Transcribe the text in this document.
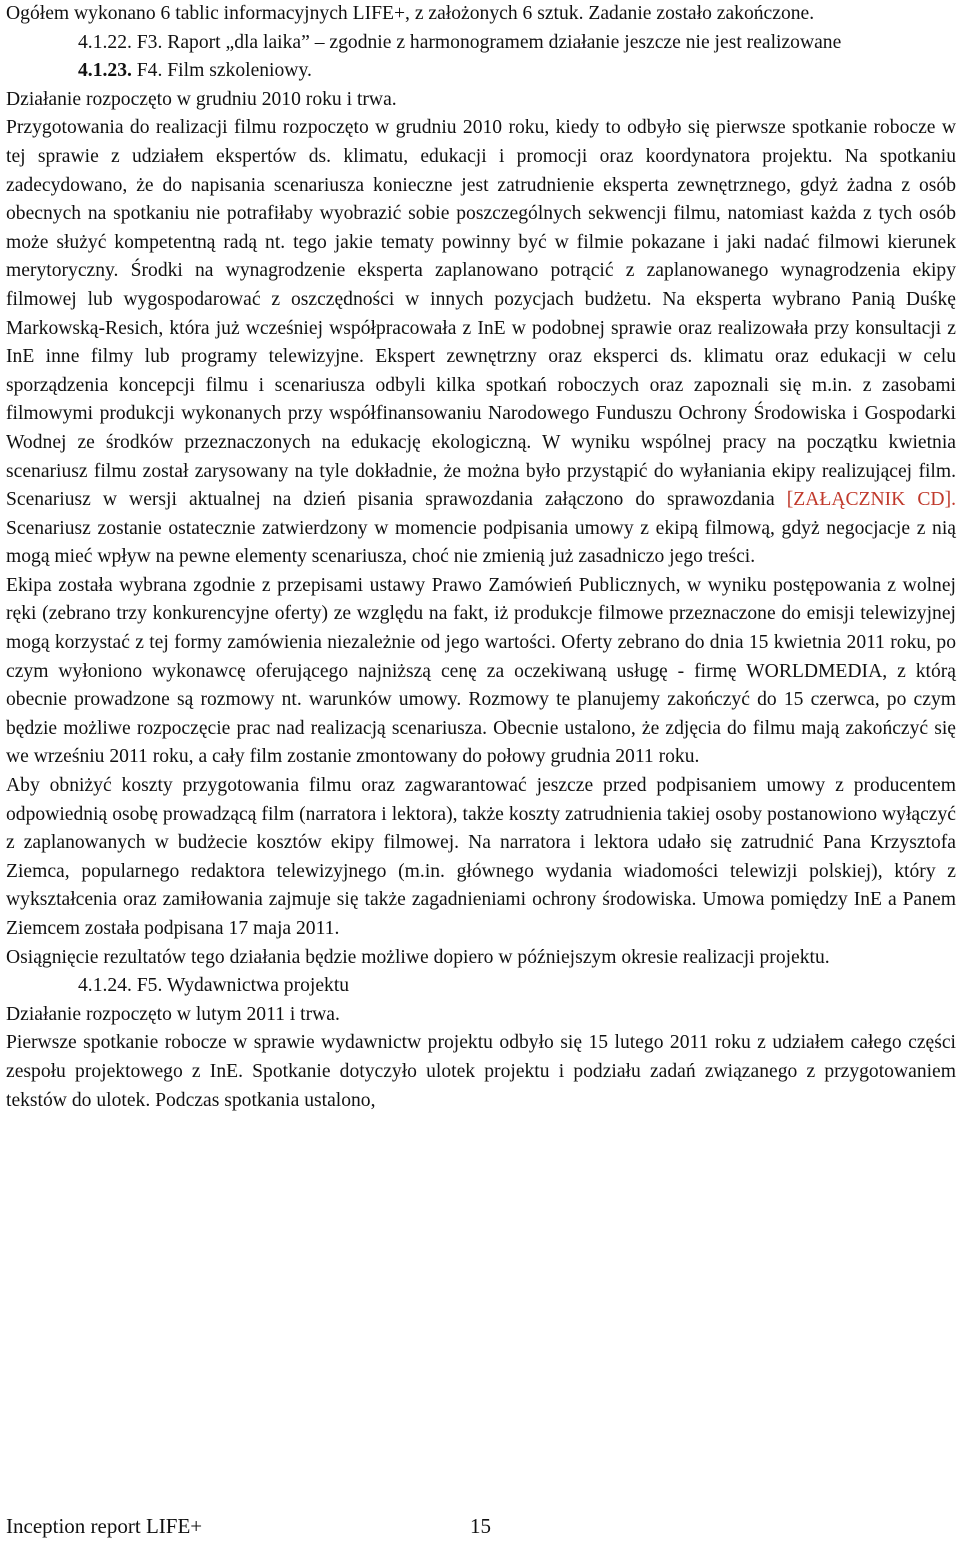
Ogółem wykonano 6 tablic informacyjnych LIFE+, z założonych 6 sztuk. Zadanie zostało zakończone.

4.1.22. F3. Raport „dla laika” – zgodnie z harmonogramem działanie jeszcze nie jest realizowane

4.1.23. F4. Film szkoleniowy.

Działanie rozpoczęto w grudniu 2010 roku i trwa.

Przygotowania do realizacji filmu rozpoczęto w grudniu 2010 roku, kiedy to odbyło się pierwsze spotkanie robocze w tej sprawie z udziałem ekspertów ds. klimatu, edukacji i promocji oraz koordynatora projektu. Na spotkaniu zadecydowano, że do napisania scenariusza konieczne jest zatrudnienie eksperta zewnętrznego, gdyż żadna z osób obecnych na spotkaniu nie potrafiłaby wyobrazić sobie poszczególnych sekwencji filmu, natomiast każda z tych osób może służyć kompetentną radą nt. tego jakie tematy powinny być w filmie pokazane i jaki nadać filmowi kierunek merytoryczny. Środki na wynagrodzenie eksperta zaplanowano potrącić z zaplanowanego wynagrodzenia ekipy filmowej lub wygospodarować z oszczędności w innych pozycjach budżetu. Na eksperta wybrano Panią Duśkę Markowską-Resich, która już wcześniej współpracowała z InE w podobnej sprawie oraz realizowała przy konsultacji z InE inne filmy lub programy telewizyjne. Ekspert zewnętrzny oraz eksperci ds. klimatu oraz edukacji w celu sporządzenia koncepcji filmu i scenariusza odbyli kilka spotkań roboczych oraz zapoznali się m.in. z zasobami filmowymi produkcji wykonanych przy współfinansowaniu Narodowego Funduszu Ochrony Środowiska i Gospodarki Wodnej ze środków przeznaczonych na edukację ekologiczną. W wyniku wspólnej pracy na początku kwietnia scenariusz filmu został zarysowany na tyle dokładnie, że można było przystąpić do wyłaniania ekipy realizującej film. Scenariusz w wersji aktualnej na dzień pisania sprawozdania załączono do sprawozdania [ZAŁĄCZNIK CD]. Scenariusz zostanie ostatecznie zatwierdzony w momencie podpisania umowy z ekipą filmową, gdyż negocjacje z nią mogą mieć wpływ na pewne elementy scenariusza, choć nie zmienią już zasadniczo jego treści.

Ekipa została wybrana zgodnie z przepisami ustawy Prawo Zamówień Publicznych, w wyniku postępowania z wolnej ręki (zebrano trzy konkurencyjne oferty) ze względu na fakt, iż produkcje filmowe przeznaczone do emisji telewizyjnej mogą korzystać z tej formy zamówienia niezależnie od jego wartości. Oferty zebrano do dnia 15 kwietnia 2011 roku, po czym wyłoniono wykonawcę oferującego najniższą cenę za oczekiwaną usługę - firmę WORLDMEDIA, z którą obecnie prowadzone są rozmowy nt. warunków umowy. Rozmowy te planujemy zakończyć do 15 czerwca, po czym będzie możliwe rozpoczęcie prac nad realizacją scenariusza. Obecnie ustalono, że zdjęcia do filmu mają zakończyć się we wrześniu 2011 roku, a cały film zostanie zmontowany do połowy grudnia 2011 roku.

Aby obniżyć koszty przygotowania filmu oraz zagwarantować jeszcze przed podpisaniem umowy z producentem odpowiednią osobę prowadzącą film (narratora i lektora), także koszty zatrudnienia takiej osoby postanowiono wyłączyć z zaplanowanych w budżecie kosztów ekipy filmowej. Na narratora i lektora udało się zatrudnić Pana Krzysztofa Ziemca, popularnego redaktora telewizyjnego (m.in. głównego wydania wiadomości telewizji polskiej), który z wykształcenia oraz zamiłowania zajmuje się także zagadnieniami ochrony środowiska. Umowa pomiędzy InE a Panem Ziemcem została podpisana 17 maja 2011.

Osiągnięcie rezultatów tego działania będzie możliwe dopiero w późniejszym okresie realizacji projektu.

4.1.24. F5. Wydawnictwa projektu

Działanie rozpoczęto w lutym 2011 i trwa.

Pierwsze spotkanie robocze w sprawie wydawnictw projektu odbyło się 15 lutego 2011 roku z udziałem całego części zespołu projektowego z InE. Spotkanie dotyczyło ulotek projektu i podziału zadań związanego z przygotowaniem tekstów do ulotek. Podczas spotkania ustalono,

Inception report LIFE+	15
